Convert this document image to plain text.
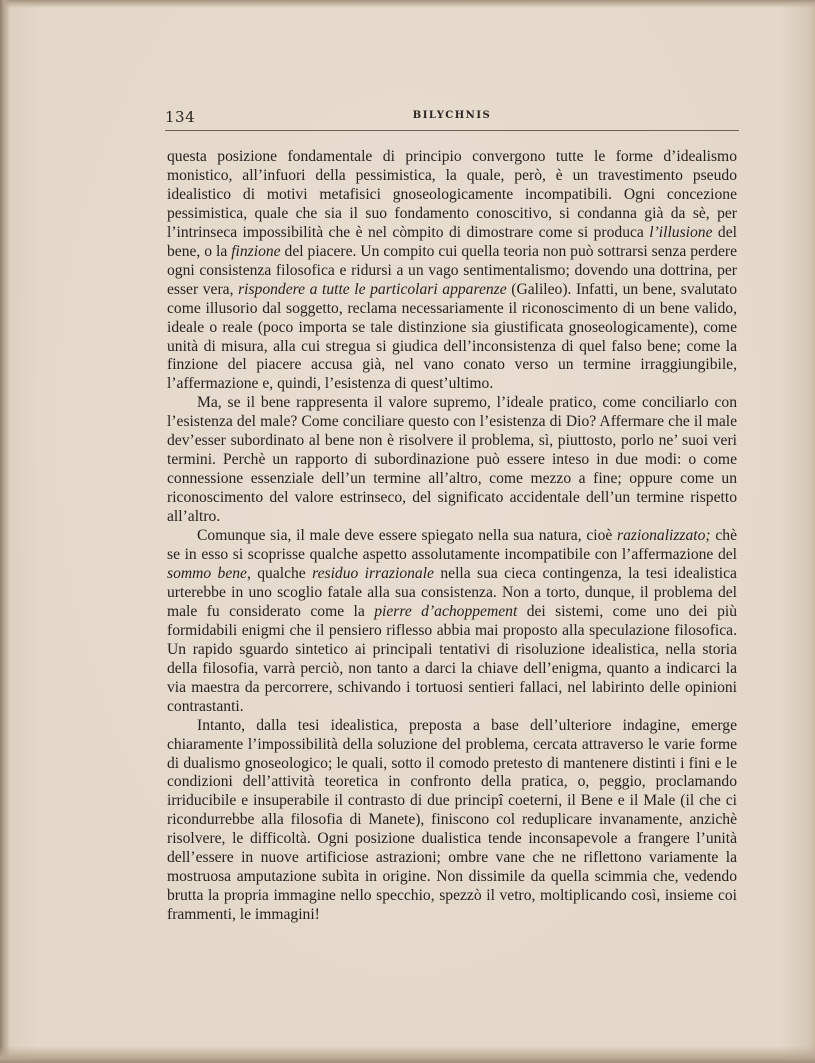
134	BILYCHNIS

questa posizione fondamentale di principio convergono tutte le forme d’idealismo monistico, all’infuori della pessimistica, la quale, però, è un travestimento pseudo idealistico di motivi metafisici gnoseologicamente incompatibili. Ogni concezione pessimistica, quale che sia il suo fondamento conoscitivo, si condanna già da sè, per l’intrinseca impossibilità che è nel còmpito di dimostrare come si produca l’illusione del bene, o la finzione del piacere. Un compito cui quella teoria non può sottrarsi senza perdere ogni consistenza filosofica e ridursi a un vago sentimentalismo; dovendo una dottrina, per esser vera, rispondere a tutte le particolari apparenze (Galileo). Infatti, un bene, svalutato come illusorio dal soggetto, reclama necessariamente il riconoscimento di un bene valido, ideale o reale (poco importa se tale distinzione sia giustificata gnoseologicamente), come unità di misura, alla cui stregua si giudica dell’inconsistenza di quel falso bene; come la finzione del piacere accusa già, nel vano conato verso un termine irraggiungibile, l’affermazione e, quindi, l’esistenza di quest’ultimo.

Ma, se il bene rappresenta il valore supremo, l’ideale pratico, come conciliarlo con l’esistenza del male? Come conciliare questo con l’esistenza di Dio? Affermare che il male dev’esser subordinato al bene non è risolvere il problema, sì, piuttosto, porlo ne’ suoi veri termini. Perchè un rapporto di subordinazione può essere inteso in due modi: o come connessione essenziale dell’un termine all’altro, come mezzo a fine; oppure come un riconoscimento del valore estrinseco, del significato accidentale dell’un termine rispetto all’altro.

Comunque sia, il male deve essere spiegato nella sua natura, cioè razionalizzato; chè se in esso si scoprisse qualche aspetto assolutamente incompatibile con l’affermazione del sommo bene, qualche residuo irrazionale nella sua cieca contingenza, la tesi idealistica urterebbe in uno scoglio fatale alla sua consistenza. Non a torto, dunque, il problema del male fu considerato come la pierre d’achoppement dei sistemi, come uno dei più formidabili enigmi che il pensiero riflesso abbia mai proposto alla speculazione filosofica. Un rapido sguardo sintetico ai principali tentativi di risoluzione idealistica, nella storia della filosofia, varrà perciò, non tanto a darci la chiave dell’enigma, quanto a indicarci la via maestra da percorrere, schivando i tortuosi sentieri fallaci, nel labirinto delle opinioni contrastanti.

Intanto, dalla tesi idealistica, preposta a base dell’ulteriore indagine, emerge chiaramente l’impossibilità della soluzione del problema, cercata attraverso le varie forme di dualismo gnoseologico; le quali, sotto il comodo pretesto di mantenere distinti i fini e le condizioni dell’attività teoretica in confronto della pratica, o, peggio, proclamando irriducibile e insuperabile il contrasto di due principî coeterni, il Bene e il Male (il che ci ricondurrebbe alla filosofia di Manete), finiscono col reduplicare invanamente, anzichè risolvere, le difficoltà. Ogni posizione dualistica tende inconsapevole a frangere l’unità dell’essere in nuove artificiose astrazioni; ombre vane che ne riflettono variamente la mostruosa amputazione subìta in origine. Non dissimile da quella scimmia che, vedendo brutta la propria immagine nello specchio, spezzò il vetro, moltiplicando così, insieme coi frammenti, le immagini!
